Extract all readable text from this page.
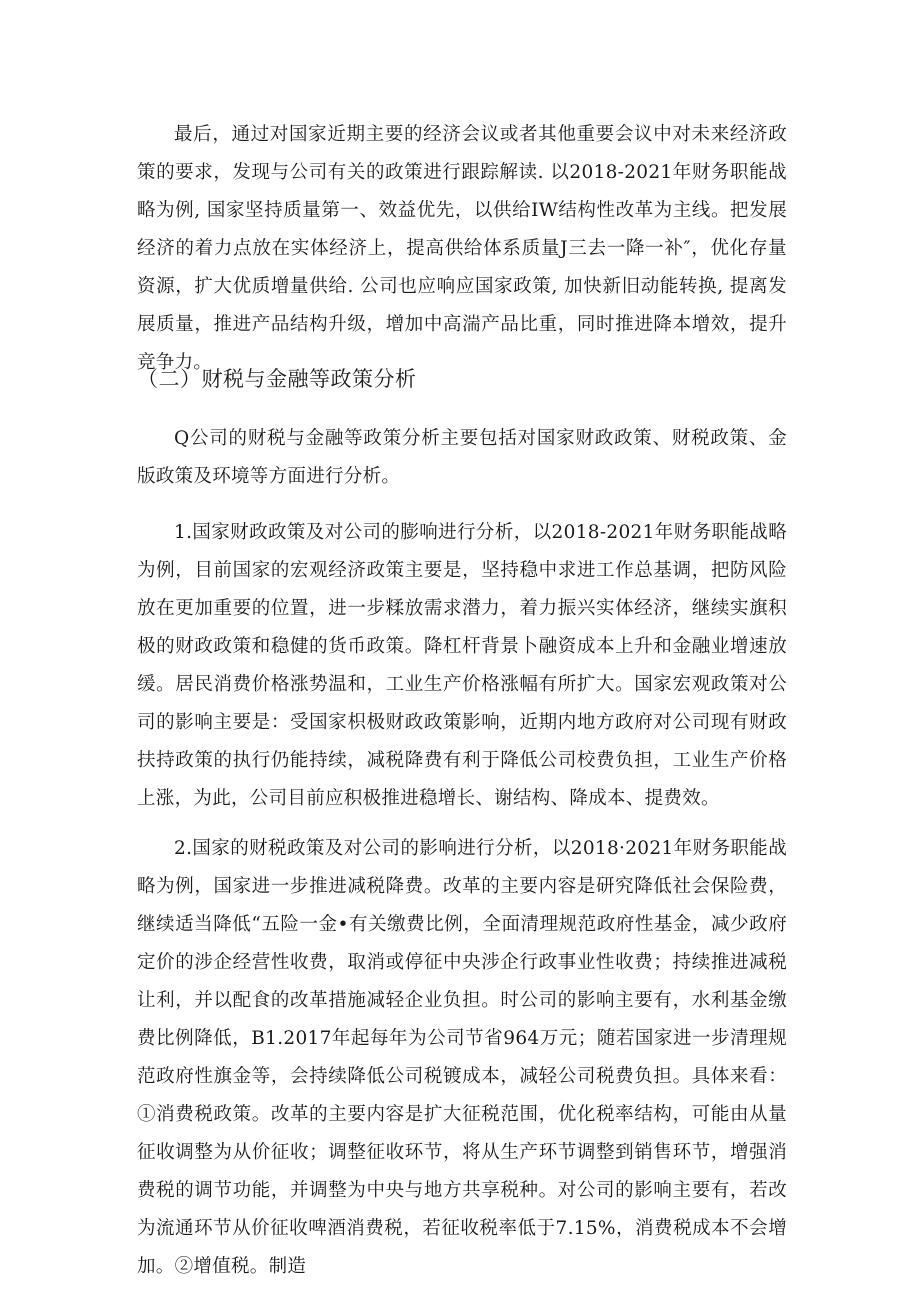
最后，通过对国家近期主要的经济会议或者其他重要会议中对未来经济政策的要求，发现与公司有关的政策进行跟踪解读. 以2018-2021年财务职能战略为例, 国家坚持质量第一、效益优先，以供给IW结构性改革为主线。把发展经济的着力点放在实体经济上，提高供给体系质量J三去一降一补″，优化存量资源，扩大优质增量供给. 公司也应响应国家政策, 加快新旧动能转换, 提离发展质量，推进产品结构升级，增加中高湍产品比重，同时推进降本增效，提升竞争力。

（二）财税与金融等政策分析

Q公司的财税与金融等政策分析主要包括对国家财政政策、财税政策、金版政策及环境等方面进行分析。

1.国家财政政策及对公司的膨响进行分析，以2018-2021年财务职能战略为例，目前国家的宏观经济政策主要是，坚持稳中求进工作总基调，把防风险放在更加重要的位置，进一步糅放需求潜力，着力振兴实体经济，继续实旗积极的财政政策和稳健的货币政策。降杠杆背景卜融资成本上升和金融业增速放缓。居民消费价格涨势温和，工业生产价格涨幅有所扩大。国家宏观政策对公司的影响主要是：受国家枳极财政政策影响，近期内地方政府对公司现有财政扶持政策的执行仍能持续，减税降费有利于降低公司校费负担，工业生产价格上涨，为此，公司目前应积极推进稳增长、谢结构、降成本、提费效。

2.国家的财税政策及对公司的影响进行分析，以2018·2021年财务职能战略为例，国家进一步推进减税降费。改革的主要内容是研究降低社会保险费，继续适当降低“五险一金•有关缴费比例，全面清理规范政府性基金，减少政府定价的涉企经营性收费，取消或停征中央涉企行政事业性收费；持续推进减税让利，并以配食的改革措施减轻企业负担。时公司的影响主要有，水利基金缴费比例降低，B1.2017年起每年为公司节省964万元；随若国家进一步清理规范政府性旗金等，会持续降低公司税镀成本，减轻公司税费负担。具体来看：①消费税政策。改革的主要内容是扩大征税范围，优化税率结构，可能由从量征收调整为从价征收；调整征收环节，将从生产环节调整到销售环节，增强消费税的调节功能，并调整为中央与地方共享税种。对公司的影响主要有，若改为流通环节从价征收啤酒消费税，若征收税率低于7.15%，消费税成本不会增加。②增值税。制造
